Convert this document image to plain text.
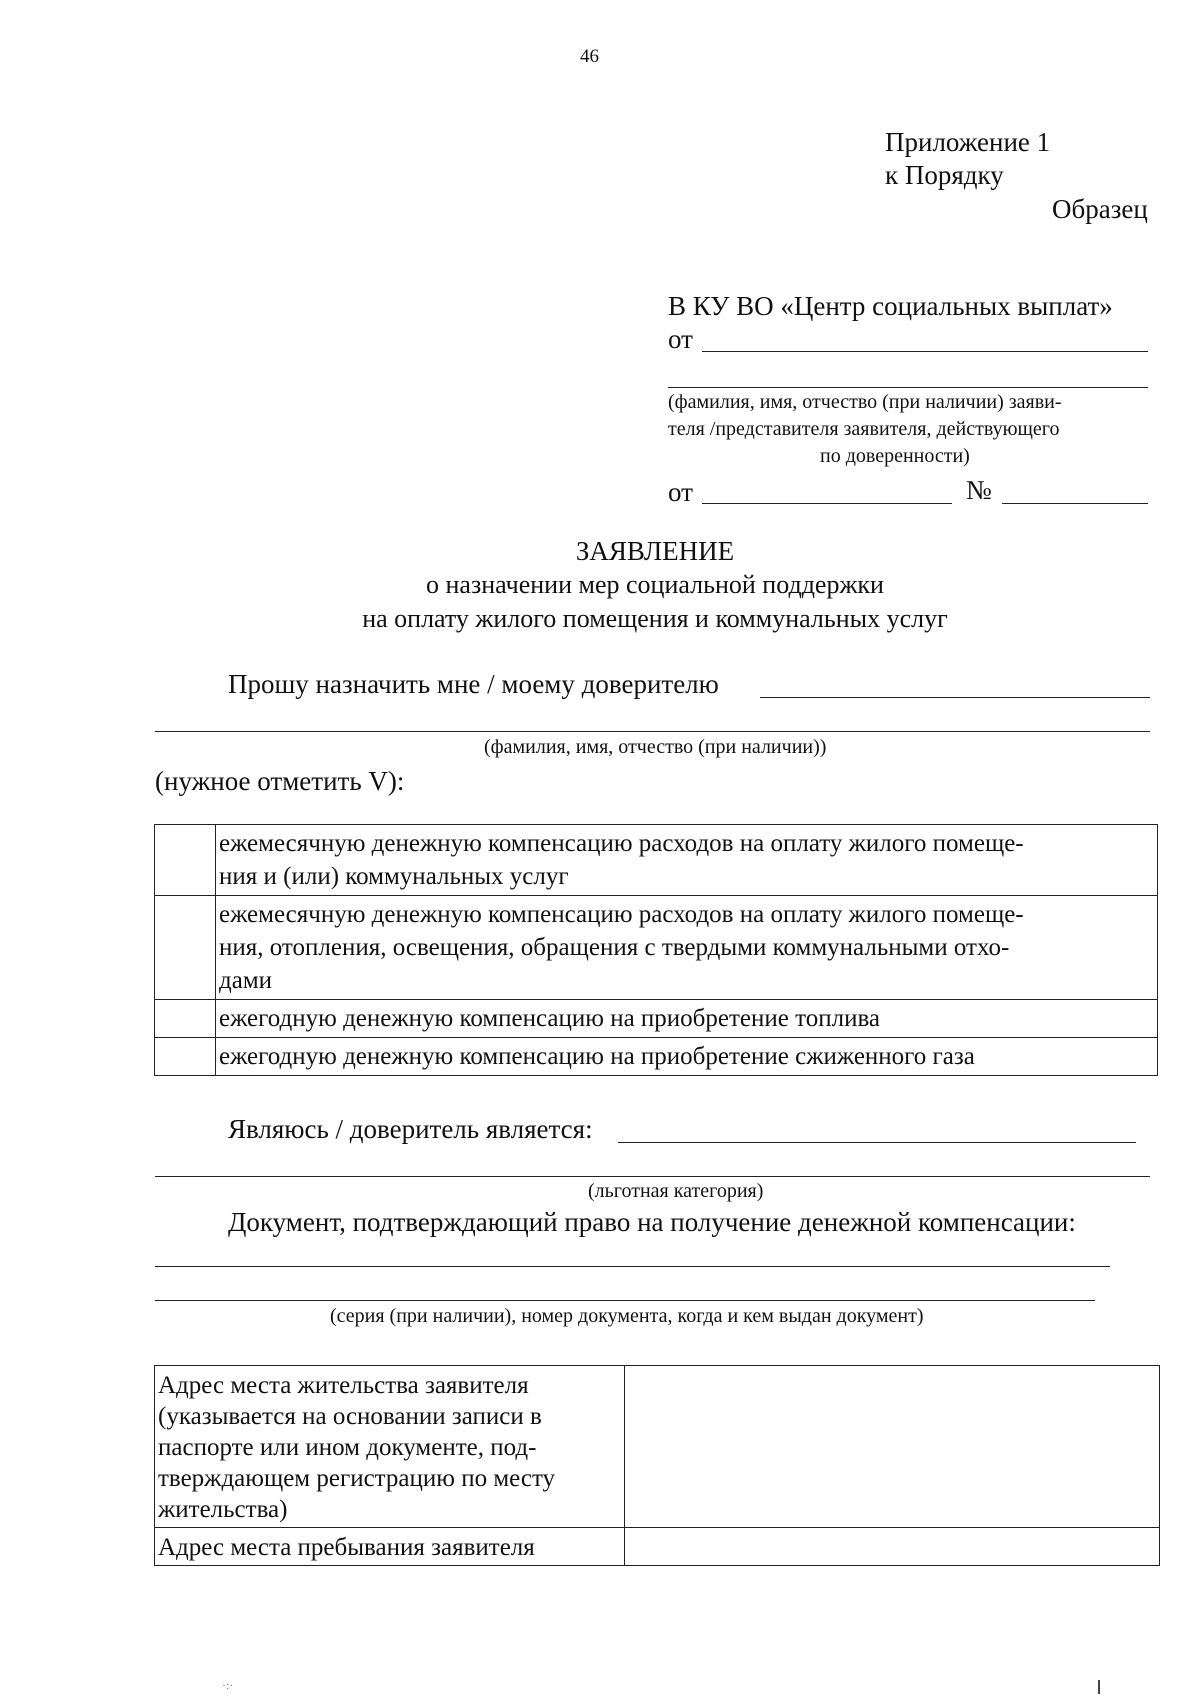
46
Приложение 1
к Порядку
Образец
В КУ ВО «Центр социальных выплат»
от
(фамилия, имя, отчество (при наличии) заяви-
теля /представителя заявителя, действующего
по доверенности)
от	№
ЗАЯВЛЕНИЕ
о назначении мер социальной поддержки
на оплату жилого помещения и коммунальных услуг
Прошу назначить мне / моему доверителю
(фамилия, имя, отчество (при наличии))
(нужное отметить V):

	ежемесячную денежную компенсацию расходов на оплату жилого помеще-
ния и (или) коммунальных услуг

	ежемесячную денежную компенсацию расходов на оплату жилого помеще-
ния, отопления, освещения, обращения с твердыми коммунальными отхо-
дами

	ежегодную денежную компенсацию на приобретение топлива

	ежегодную денежную компенсацию на приобретение сжиженного газа
Являюсь / доверитель является:
(льготная категория)
Документ, подтверждающий право на получение денежной компенсации:
(серия (при наличии), номер документа, когда и кем выдан документ)
Адрес места жительства заявителя
(указывается на основании записи в
паспорте или ином документе, под-
тверждающем регистрацию по месту
жительства)	

Адрес места пребывания заявителя	

·:·
